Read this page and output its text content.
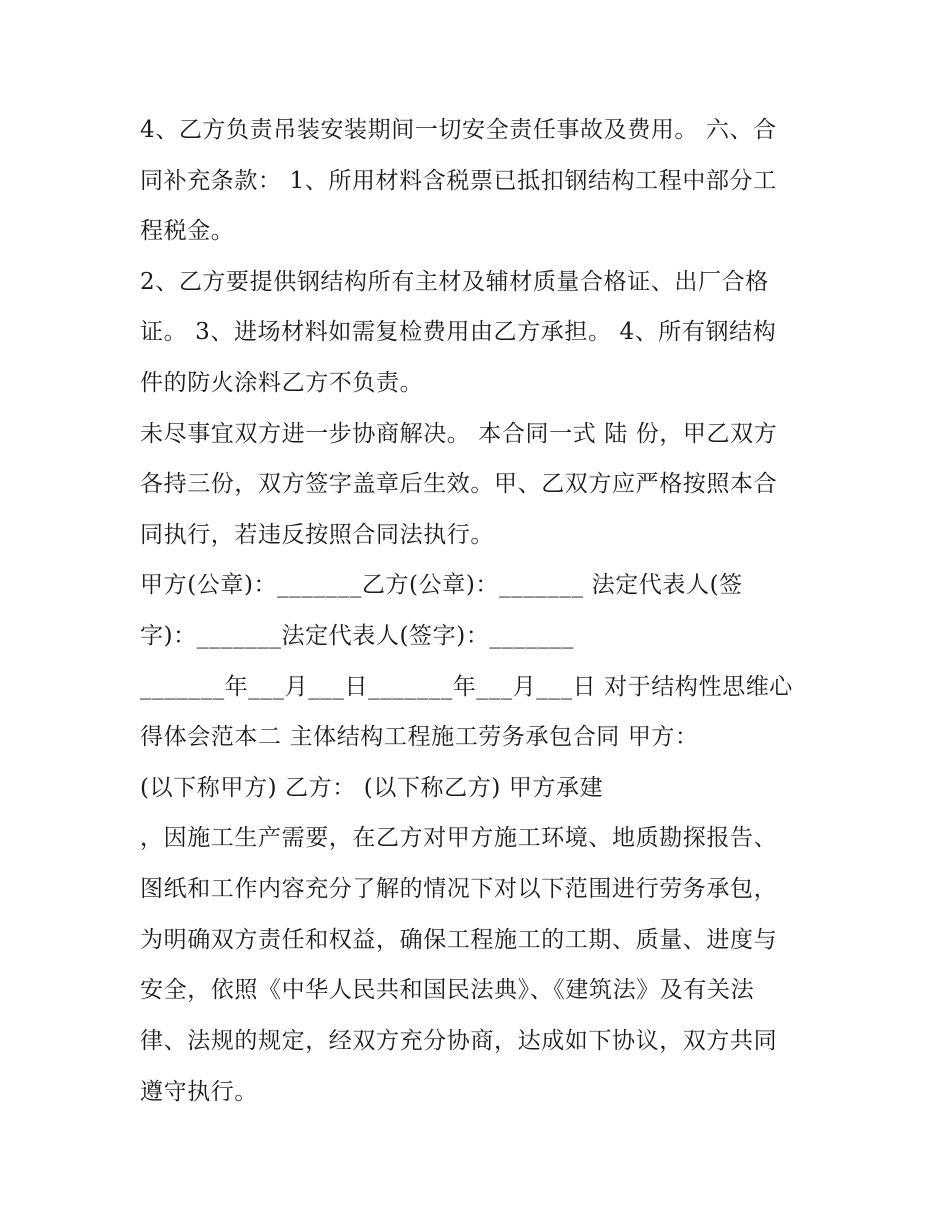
4、乙方负责吊装安装期间一切安全责任事故及费用。 六、合
同补充条款： 1、所用材料含税票已抵扣钢结构工程中部分工
程税金。
2、乙方要提供钢结构所有主材及辅材质量合格证、出厂合格
证。 3、进场材料如需复检费用由乙方承担。 4、所有钢结构
件的防火涂料乙方不负责。
未尽事宜双方进一步协商解决。 本合同一式 陆 份，甲乙双方
各持三份，双方签字盖章后生效。甲、乙双方应严格按照本合
同执行，若违反按照合同法执行。
甲方(公章)：_______乙方(公章)：_______ 法定代表人(签
字)：_______法定代表人(签字)：_______
_______年___月___日_______年___月___日 对于结构性思维心
得体会范本二 主体结构工程施工劳务承包合同 甲方：
(以下称甲方) 乙方： (以下称乙方) 甲方承建
，因施工生产需要，在乙方对甲方施工环境、地质勘探报告、
图纸和工作内容充分了解的情况下对以下范围进行劳务承包，
为明确双方责任和权益，确保工程施工的工期、质量、进度与
安全，依照《中华人民共和国民法典》、《建筑法》及有关法
律、法规的规定，经双方充分协商，达成如下协议，双方共同
遵守执行。
